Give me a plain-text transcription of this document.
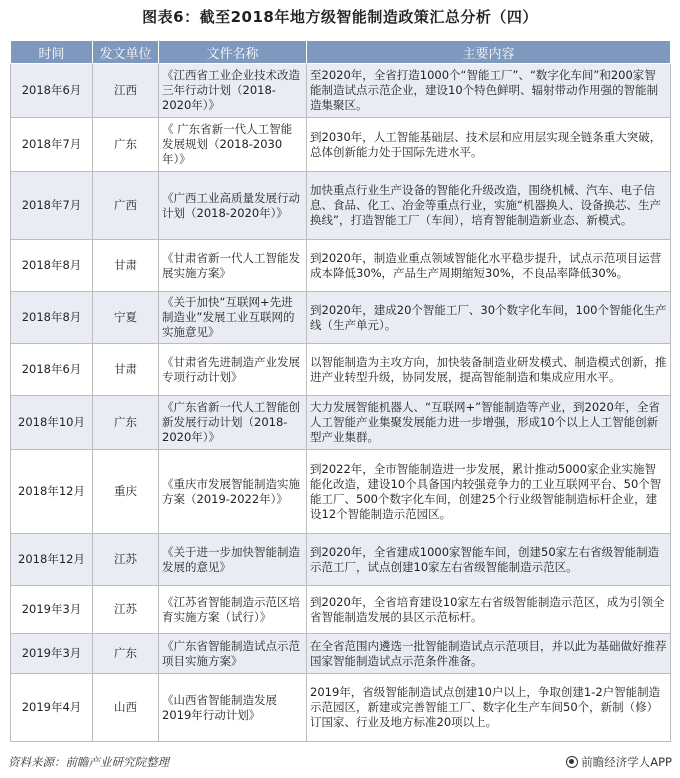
图表6：截至2018年地方级智能制造政策汇总分析（四）
时间	发文单位	文件名称	主要内容
2018年6月	江西	《江西省工业企业技术改造三年行动计划（2018-2020年）》	至2020年，全省打造1000个“智能工厂”、“数字化车间”和200家智能制造试点示范企业，建设10个特色鲜明、辐射带动作用强的智能制造集聚区。
2018年7月	广东	《 广东省新一代人工智能发展规划（2018-2030年）》	到2030年，人工智能基础层、技术层和应用层实现全链条重大突破，总体创新能力处于国际先进水平。
2018年7月	广西	《广西工业高质量发展行动计划（2018-2020年）》	加快重点行业生产设备的智能化升级改造，围绕机械、汽车、电子信息、食品、化工、冶金等重点行业，实施“机器换人、设备换芯、生产换线”，打造智能工厂（车间），培育智能制造新业态、新模式。
2018年8月	甘肃	《甘肃省新一代人工智能发展实施方案》	到2020年，制造业重点领域智能化水平稳步提升，试点示范项目运营成本降低30%，产品生产周期缩短30%，不良品率降低30%。
2018年8月	宁夏	《关于加快“互联网+先进制造业”发展工业互联网的实施意见》	到2020年，建成20个智能工厂、30个数字化车间，100个智能化生产线（生产单元）。
2018年6月	甘肃	《甘肃省先进制造产业发展专项行动计划》	以智能制造为主攻方向，加快装备制造业研发模式、制造模式创新，推进产业转型升级，协同发展，提高智能制造和集成应用水平。
2018年10月	广东	《广东省新一代人工智能创新发展行动计划（2018-2020年）》	大力发展智能机器人、“互联网+”智能制造等产业，到2020年，全省人工智能产业集聚发展能力进一步增强，形成10个以上人工智能创新型产业集群。
2018年12月	重庆	《重庆市发展智能制造实施方案（2019-2022年）》	到2022年，全市智能制造进一步发展，累计推动5000家企业实施智能化改造，建设10个具备国内较强竞争力的工业互联网平台、50个智能工厂、500个数字化车间，创建25个行业级智能制造标杆企业，建设12个智能制造示范园区。
2018年12月	江苏	《关于进一步加快智能制造发展的意见》	到2020年，全省建成1000家智能车间，创建50家左右省级智能制造示范工厂，试点创建10家左右省级智能制造示范区。
2019年3月	江苏	《江苏省智能制造示范区培育实施方案（试行）》	到2020年，全省培育建设10家左右省级智能制造示范区，成为引领全省智能制造发展的县区示范标杆。
2019年3月	广东	《广东省智能制造试点示范项目实施方案》	在全省范围内遴选一批智能制造试点示范项目，并以此为基础做好推荐国家智能制造试点示范条件准备。
2019年4月	山西	《山西省智能制造发展2019年行动计划》	2019年，省级智能制造试点创建10户以上，争取创建1-2户智能制造示范园区，新建或完善智能工厂、数字化生产车间50个，新制（修）订国家、行业及地方标准20项以上。
资料来源：前瞻产业研究院整理	前瞻经济学人APP
